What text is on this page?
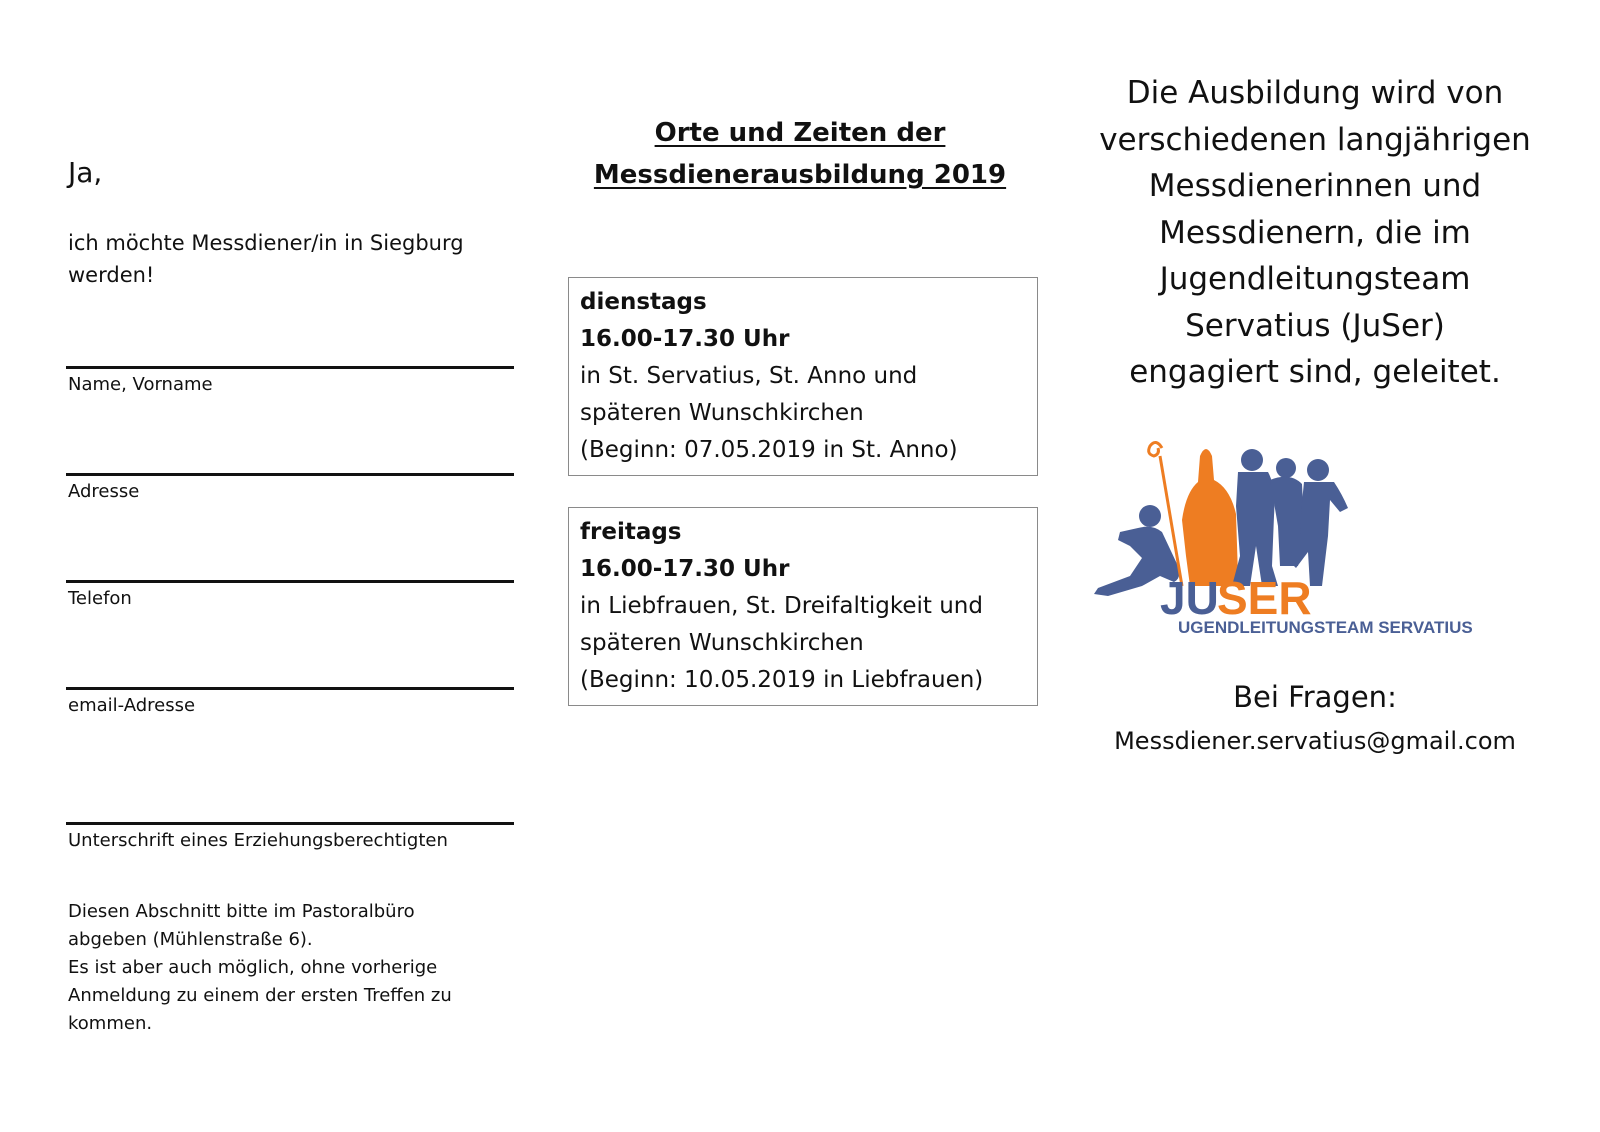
Ja,
ich möchte Messdiener/in in Siegburg werden!
Name, Vorname
Adresse
Telefon
email-Adresse
Unterschrift eines Erziehungsberechtigten
Diesen Abschnitt bitte im Pastoralbüro
abgeben (Mühlenstraße 6).
Es ist aber auch möglich, ohne vorherige
Anmeldung zu einem der ersten Treffen zu
kommen.
Orte und Zeiten der
Messdienerausbildung 2019
dienstags
16.00-17.30 Uhr
in St. Servatius, St. Anno und
späteren Wunschkirchen
(Beginn: 07.05.2019 in St. Anno)
freitags
16.00-17.30 Uhr
in Liebfrauen, St. Dreifaltigkeit und
späteren Wunschkirchen
(Beginn: 10.05.2019 in Liebfrauen)
Die Ausbildung wird von
verschiedenen langjährigen
Messdienerinnen und
Messdienern, die im
Jugendleitungsteam
Servatius (JuSer)
engagiert sind, geleitet.
JU
SER
UGENDLEITUNGSTEAM SERVATIUS
Bei Fragen:
Messdiener.servatius@gmail.com
